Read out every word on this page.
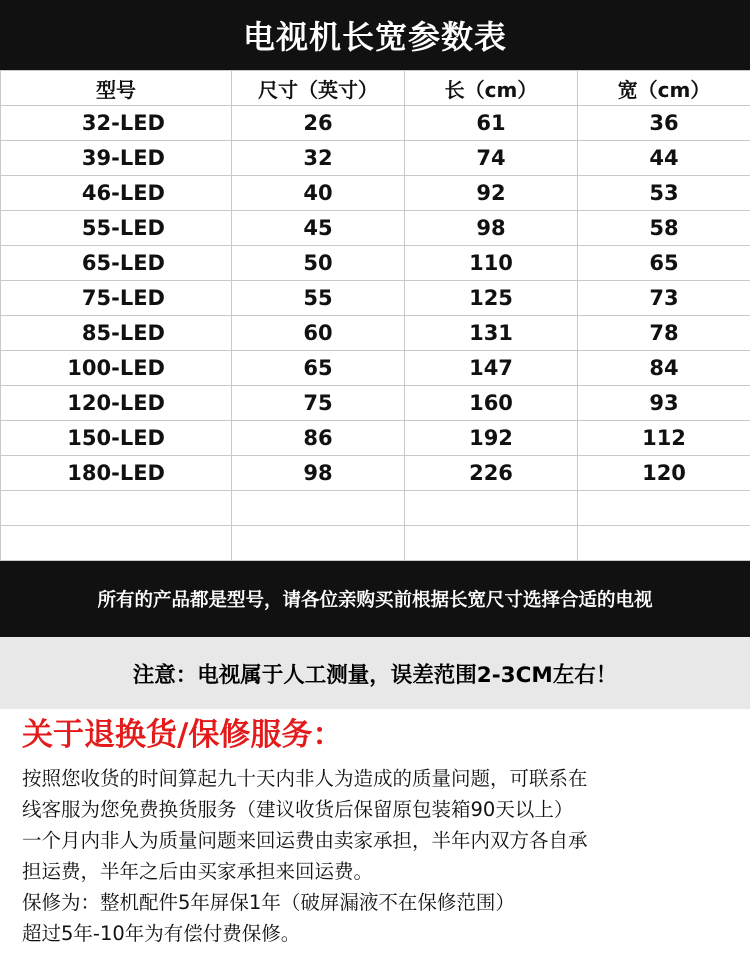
电视机长宽参数表
型号	尺寸（英寸）	长（cm）	宽（cm）
32-LED	26	61	36
39-LED	32	74	44
46-LED	40	92	53
55-LED	45	98	58
65-LED	50	110	65
75-LED	55	125	73
85-LED	60	131	78
100-LED	65	147	84
120-LED	75	160	93
150-LED	86	192	112
180-LED	98	226	120

所有的产品都是型号，请各位亲购买前根据长宽尺寸选择合适的电视
注意：电视属于人工测量，误差范围2-3CM左右！
关于退换货/保修服务：
按照您收货的时间算起九十天内非人为造成的质量问题，可联系在
线客服为您免费换货服务（建议收货后保留原包装箱90天以上）
一个月内非人为质量问题来回运费由卖家承担，半年内双方各自承
担运费，半年之后由买家承担来回运费。
保修为：整机配件5年屏保1年（破屏漏液不在保修范围）
超过5年-10年为有偿付费保修。
